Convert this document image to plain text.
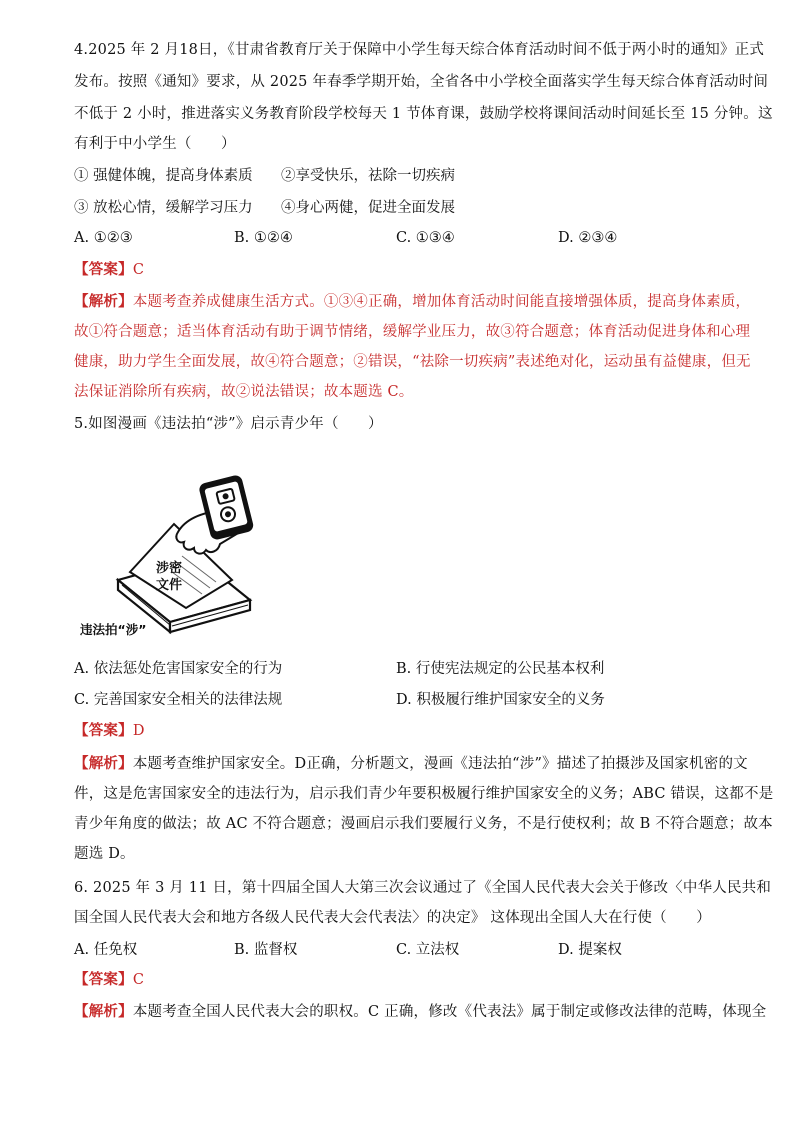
4.2025 年 2 月18日，《甘肃省教育厅关于保障中小学生每天综合体育活动时间不低于两小时的通知》正式
发布。按照《通知》要求，从 2025 年春季学期开始，全省各中小学校全面落实学生每天综合体育活动时间
不低于 2 小时，推进落实义务教育阶段学校每天 1 节体育课，鼓励学校将课间活动时间延长至 15 分钟。这
有利于中小学生（　　）
① 强健体魄，提高身体素质 ②享受快乐，祛除一切疾病
③ 放松心情，缓解学习压力 ④身心两健，促进全面发展
A. ①②③	B. ①②④	C. ①③④	D. ②③④
【答案】C
【解析】本题考查养成健康生活方式。①③④正确，增加体育活动时间能直接增强体质，提高身体素质，
故①符合题意；适当体育活动有助于调节情绪，缓解学业压力，故③符合题意；体育活动促进身体和心理
健康，助力学生全面发展，故④符合题意；②错误，“祛除一切疾病”表述绝对化，运动虽有益健康，但无
法保证消除所有疾病，故②说法错误；故本题选 C。
5.如图漫画《违法拍“涉”》启示青少年（　　）
涉密
文件
违法拍“涉”
A. 依法惩处危害国家安全的行为	B. 行使宪法规定的公民基本权利
C. 完善国家安全相关的法律法规	D. 积极履行维护国家安全的义务
【答案】D
【解析】本题考查维护国家安全。D正确，分析题文，漫画《违法拍“涉”》描述了拍摄涉及国家机密的文
件，这是危害国家安全的违法行为，启示我们青少年要积极履行维护国家安全的义务；ABC 错误，这都不是
青少年角度的做法；故 AC 不符合题意；漫画启示我们要履行义务，不是行使权利；故 B 不符合题意；故本
题选 D。
6. 2025 年 3 月 11 日，第十四届全国人大第三次会议通过了《全国人民代表大会关于修改〈中华人民共和
国全国人民代表大会和地方各级人民代表大会代表法〉的决定》 这体现出全国人大在行使（　　）
A. 任免权	B. 监督权	C. 立法权	D. 提案权
【答案】C
【解析】本题考查全国人民代表大会的职权。C 正确，修改《代表法》属于制定或修改法律的范畴，体现全
